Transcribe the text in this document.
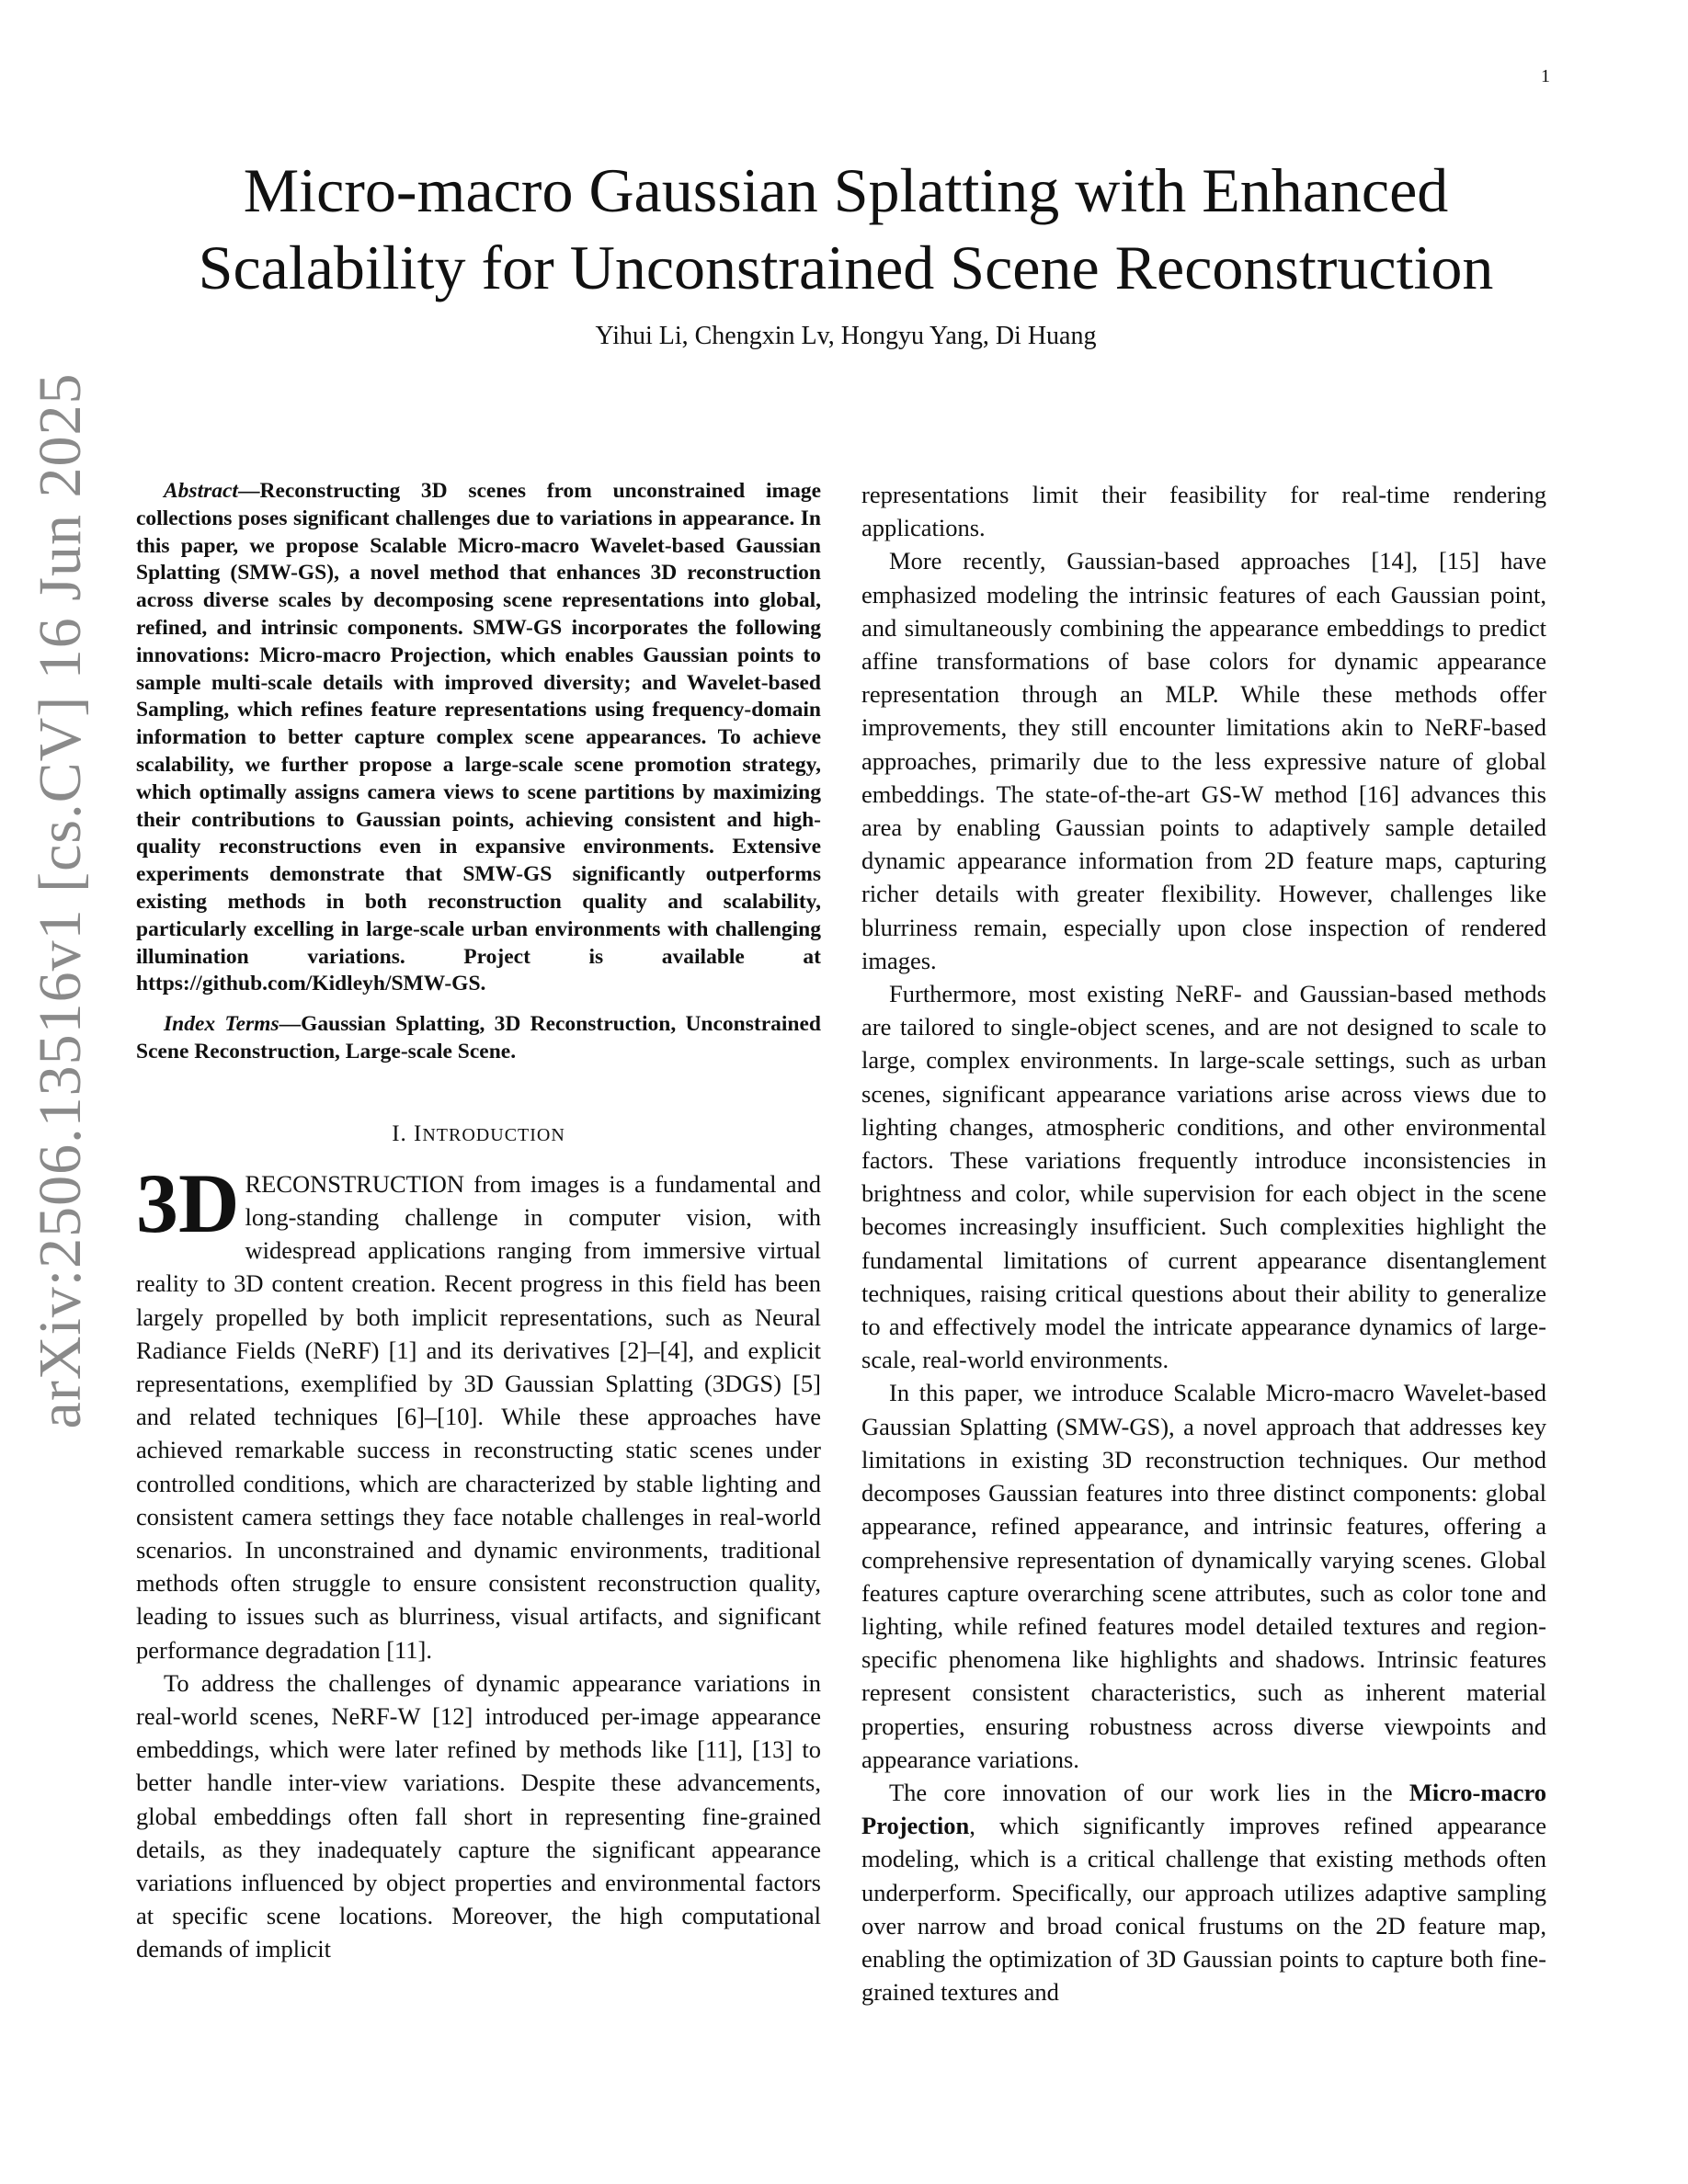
1
arXiv:2506.13516v1 [cs.CV] 16 Jun 2025
Micro-macro Gaussian Splatting with Enhanced
Scalability for Unconstrained Scene Reconstruction
Yihui Li, Chengxin Lv, Hongyu Yang, Di Huang

Abstract—Reconstructing 3D scenes from unconstrained image collections poses significant challenges due to variations in appearance. In this paper, we propose Scalable Micro-macro Wavelet-based Gaussian Splatting (SMW-GS), a novel method that enhances 3D reconstruction across diverse scales by decomposing scene representations into global, refined, and intrinsic components. SMW-GS incorporates the following innovations: Micro-macro Projection, which enables Gaussian points to sample multi-scale details with improved diversity; and Wavelet-based Sampling, which refines feature representations using frequency-domain information to better capture complex scene appearances. To achieve scalability, we further propose a large-scale scene promotion strategy, which optimally assigns camera views to scene partitions by maximizing their contributions to Gaussian points, achieving consistent and high-quality reconstructions even in expansive environments. Extensive experiments demonstrate that SMW-GS significantly outperforms existing methods in both reconstruction quality and scalability, particularly excelling in large-scale urban environments with challenging illumination variations. Project is available at https://github.com/Kidleyh/SMW-GS.

Index Terms—Gaussian Splatting, 3D Reconstruction, Unconstrained Scene Reconstruction, Large-scale Scene.

I. INTRODUCTION

3D RECONSTRUCTION from images is a fundamental and long-standing challenge in computer vision, with widespread applications ranging from immersive virtual reality to 3D content creation. Recent progress in this field has been largely propelled by both implicit representations, such as Neural Radiance Fields (NeRF) [1] and its derivatives [2]–[4], and explicit representations, exemplified by 3D Gaussian Splatting (3DGS) [5] and related techniques [6]–[10]. While these approaches have achieved remarkable success in reconstructing static scenes under controlled conditions, which are characterized by stable lighting and consistent camera settings they face notable challenges in real-world scenarios. In unconstrained and dynamic environments, traditional methods often struggle to ensure consistent reconstruction quality, leading to issues such as blurriness, visual artifacts, and significant performance degradation [11].

To address the challenges of dynamic appearance variations in real-world scenes, NeRF-W [12] introduced per-image appearance embeddings, which were later refined by methods like [11], [13] to better handle inter-view variations. Despite these advancements, global embeddings often fall short in representing fine-grained details, as they inadequately capture the significant appearance variations influenced by object properties and environmental factors at specific scene locations. Moreover, the high computational demands of implicit

representations limit their feasibility for real-time rendering applications.

More recently, Gaussian-based approaches [14], [15] have emphasized modeling the intrinsic features of each Gaussian point, and simultaneously combining the appearance embeddings to predict affine transformations of base colors for dynamic appearance representation through an MLP. While these methods offer improvements, they still encounter limitations akin to NeRF-based approaches, primarily due to the less expressive nature of global embeddings. The state-of-the-art GS-W method [16] advances this area by enabling Gaussian points to adaptively sample detailed dynamic appearance information from 2D feature maps, capturing richer details with greater flexibility. However, challenges like blurriness remain, especially upon close inspection of rendered images.

Furthermore, most existing NeRF- and Gaussian-based methods are tailored to single-object scenes, and are not designed to scale to large, complex environments. In large-scale settings, such as urban scenes, significant appearance variations arise across views due to lighting changes, atmospheric conditions, and other environmental factors. These variations frequently introduce inconsistencies in brightness and color, while supervision for each object in the scene becomes increasingly insufficient. Such complexities highlight the fundamental limitations of current appearance disentanglement techniques, raising critical questions about their ability to generalize to and effectively model the intricate appearance dynamics of large-scale, real-world environments.

In this paper, we introduce Scalable Micro-macro Wavelet-based Gaussian Splatting (SMW-GS), a novel approach that addresses key limitations in existing 3D reconstruction techniques. Our method decomposes Gaussian features into three distinct components: global appearance, refined appearance, and intrinsic features, offering a comprehensive representation of dynamically varying scenes. Global features capture overarching scene attributes, such as color tone and lighting, while refined features model detailed textures and region-specific phenomena like highlights and shadows. Intrinsic features represent consistent characteristics, such as inherent material properties, ensuring robustness across diverse viewpoints and appearance variations.

The core innovation of our work lies in the Micro-macro Projection, which significantly improves refined appearance modeling, which is a critical challenge that existing methods often underperform. Specifically, our approach utilizes adaptive sampling over narrow and broad conical frustums on the 2D feature map, enabling the optimization of 3D Gaussian points to capture both fine-grained textures and
